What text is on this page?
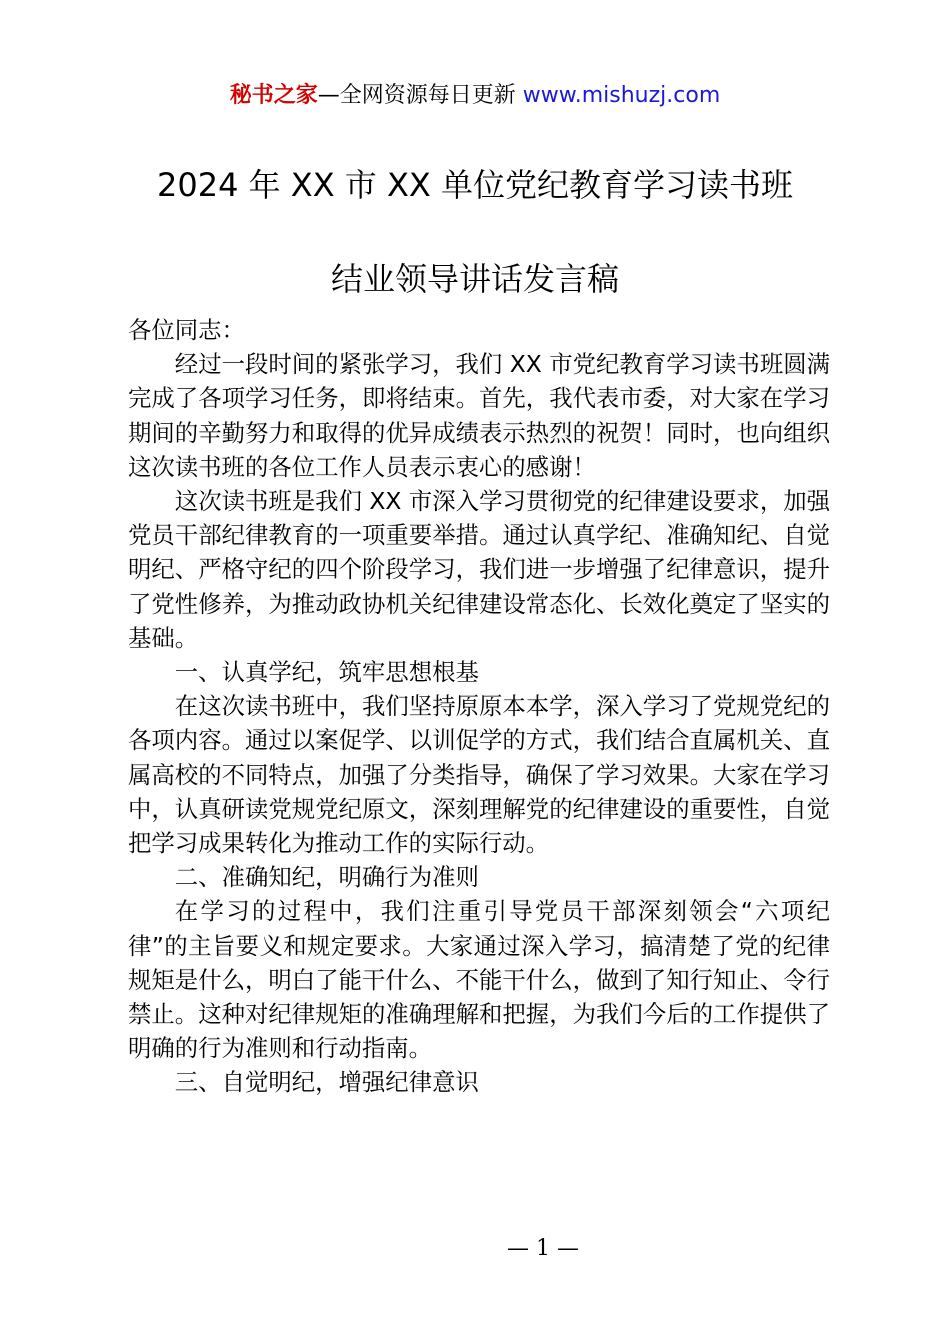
秘书之家—全网资源每日更新 www.mishuzj.com
2024 年 XX 市 XX 单位党纪教育学习读书班
结业领导讲话发言稿

各位同志：

经过一段时间的紧张学习，我们 XX 市党纪教育学习读书班圆满完成了各项学习任务，即将结束。首先，我代表市委，对大家在学习期间的辛勤努力和取得的优异成绩表示热烈的祝贺！同时，也向组织这次读书班的各位工作人员表示衷心的感谢！

这次读书班是我们 XX 市深入学习贯彻党的纪律建设要求，加强党员干部纪律教育的一项重要举措。通过认真学纪、准确知纪、自觉明纪、严格守纪的四个阶段学习，我们进一步增强了纪律意识，提升了党性修养，为推动政协机关纪律建设常态化、长效化奠定了坚实的基础。

一、认真学纪，筑牢思想根基

在这次读书班中，我们坚持原原本本学，深入学习了党规党纪的各项内容。通过以案促学、以训促学的方式，我们结合直属机关、直属高校的不同特点，加强了分类指导，确保了学习效果。大家在学习中，认真研读党规党纪原文，深刻理解党的纪律建设的重要性，自觉把学习成果转化为推动工作的实际行动。

二、准确知纪，明确行为准则

在学习的过程中，我们注重引导党员干部深刻领会“六项纪律”的主旨要义和规定要求。大家通过深入学习，搞清楚了党的纪律规矩是什么，明白了能干什么、不能干什么，做到了知行知止、令行禁止。这种对纪律规矩的准确理解和把握，为我们今后的工作提供了明确的行为准则和行动指南。

三、自觉明纪，增强纪律意识

— 1 —
